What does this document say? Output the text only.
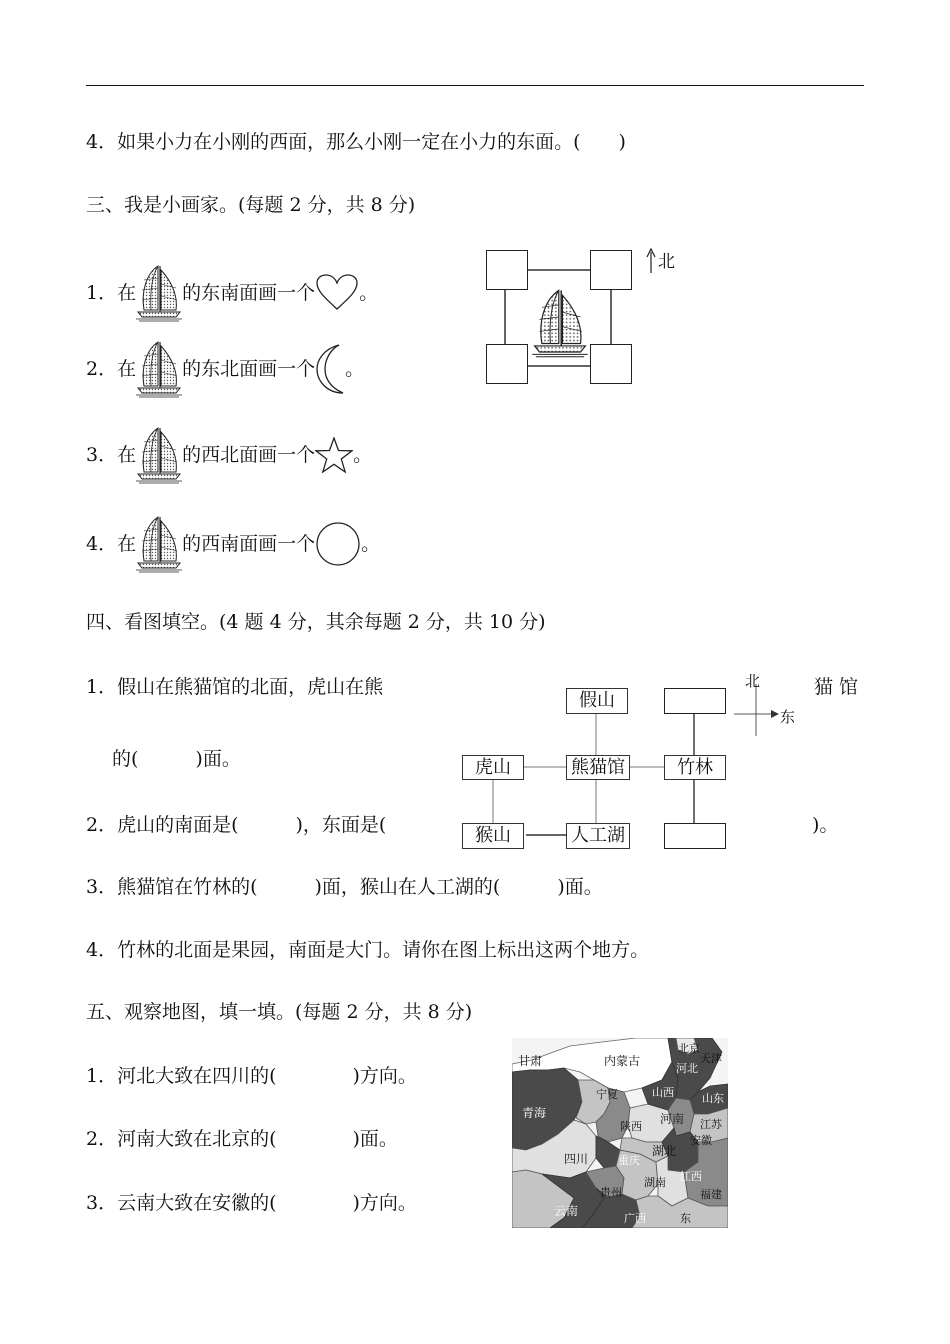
4．如果小力在小刚的西面，那么小刚一定在小力的东面。(　　)
三、我是小画家。(每题 2 分，共 8 分)
1．在 的东南面画一个 。
2．在 的东北面画一个 。
3．在 的西北面画一个 。
4．在 的西南面画一个 。
北
四、看图填空。(4 题 4 分，其余每题 2 分，共 10 分)
1．假山在熊猫馆的北面，虎山在熊	猫 馆
的(　　　)面。
2．虎山的南面是(　　　)，东面是(	)。
3．熊猫馆在竹林的(　　　)面，猴山在人工湖的(　　　)面。
4．竹林的北面是果园，南面是大门。请你在图上标出这两个地方。
假山
虎山	熊猫馆	竹林
猴山	人工湖
北
东
五、观察地图，填一填。(每题 2 分，共 8 分)
1．河北大致在四川的(　　　　)方向。
2．河南大致在北京的(　　　　)面。
3．云南大致在安徽的(　　　　)方向。
甘肃	内蒙古
北京
天津
河北
山西	山东
宁夏
青海
陕西
河南 江苏
安徽
湖北
四川	重庆
贵州
湖南 江西
福建
云南
广西	东
